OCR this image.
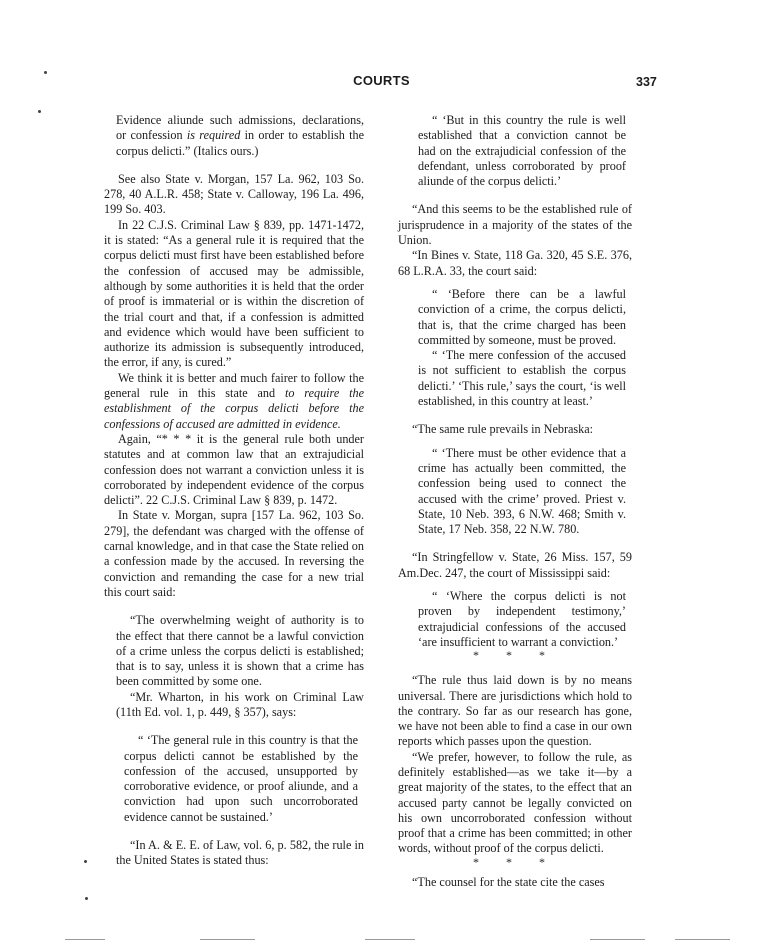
COURTS	337

Evidence aliunde such admissions, declarations, or confession is required in order to establish the corpus delicti.” (Italics ours.)

See also State v. Morgan, 157 La. 962, 103 So. 278, 40 A.L.R. 458; State v. Calloway, 196 La. 496, 199 So. 403.

In 22 C.J.S. Criminal Law § 839, pp. 1471-1472, it is stated: “As a general rule it is required that the corpus delicti must first have been established before the confession of accused may be admissible, although by some authorities it is held that the order of proof is immaterial or is within the discretion of the trial court and that, if a confession is admitted and evidence which would have been sufficient to authorize its admission is subsequently introduced, the error, if any, is cured.”

We think it is better and much fairer to follow the general rule in this state and to require the establishment of the corpus delicti before the confessions of accused are admitted in evidence.

Again, “* * * it is the general rule both under statutes and at common law that an extrajudicial confession does not warrant a conviction unless it is corroborated by independent evidence of the corpus delicti”. 22 C.J.S. Criminal Law § 839, p. 1472.

In State v. Morgan, supra [157 La. 962, 103 So. 279], the defendant was charged with the offense of carnal knowledge, and in that case the State relied on a confession made by the accused. In reversing the conviction and remanding the case for a new trial this court said:

“The overwhelming weight of authority is to the effect that there cannot be a lawful conviction of a crime unless the corpus delicti is established; that is to say, unless it is shown that a crime has been committed by some one.

“Mr. Wharton, in his work on Criminal Law (11th Ed. vol. 1, p. 449, § 357), says:

“ ‘The general rule in this country is that the corpus delicti cannot be established by the confession of the accused, unsupported by corroborative evidence, or proof aliunde, and a conviction had upon such uncorroborated evidence cannot be sustained.’

“In A. & E. E. of Law, vol. 6, p. 582, the rule in the United States is stated thus:

“ ‘But in this country the rule is well established that a conviction cannot be had on the extrajudicial confession of the defendant, unless corroborated by proof aliunde of the corpus delicti.’

“And this seems to be the established rule of jurisprudence in a majority of the states of the Union.

“In Bines v. State, 118 Ga. 320, 45 S.E. 376, 68 L.R.A. 33, the court said:

“ ‘Before there can be a lawful conviction of a crime, the corpus delicti, that is, that the crime charged has been committed by someone, must be proved.

“ ‘The mere confession of the accused is not sufficient to establish the corpus delicti.’ ‘This rule,’ says the court, ‘is well established, in this country at least.’

“The same rule prevails in Nebraska:

“ ‘There must be other evidence that a crime has actually been committed, the confession being used to connect the accused with the crime’ proved. Priest v. State, 10 Neb. 393, 6 N.W. 468; Smith v. State, 17 Neb. 358, 22 N.W. 780.

“In Stringfellow v. State, 26 Miss. 157, 59 Am.Dec. 247, the court of Mississippi said:

“ ‘Where the corpus delicti is not proven by independent testimony,’ extrajudicial confessions of the accused ‘are insufficient to warrant a conviction.’

* * *

“The rule thus laid down is by no means universal. There are jurisdictions which hold to the contrary. So far as our research has gone, we have not been able to find a case in our own reports which passes upon the question.

“We prefer, however, to follow the rule, as definitely established—as we take it—by a great majority of the states, to the effect that an accused party cannot be legally convicted on his own uncorroborated confession without proof that a crime has been committed; in other words, without proof of the corpus delicti.

* * *

“The counsel for the state cite the cases
